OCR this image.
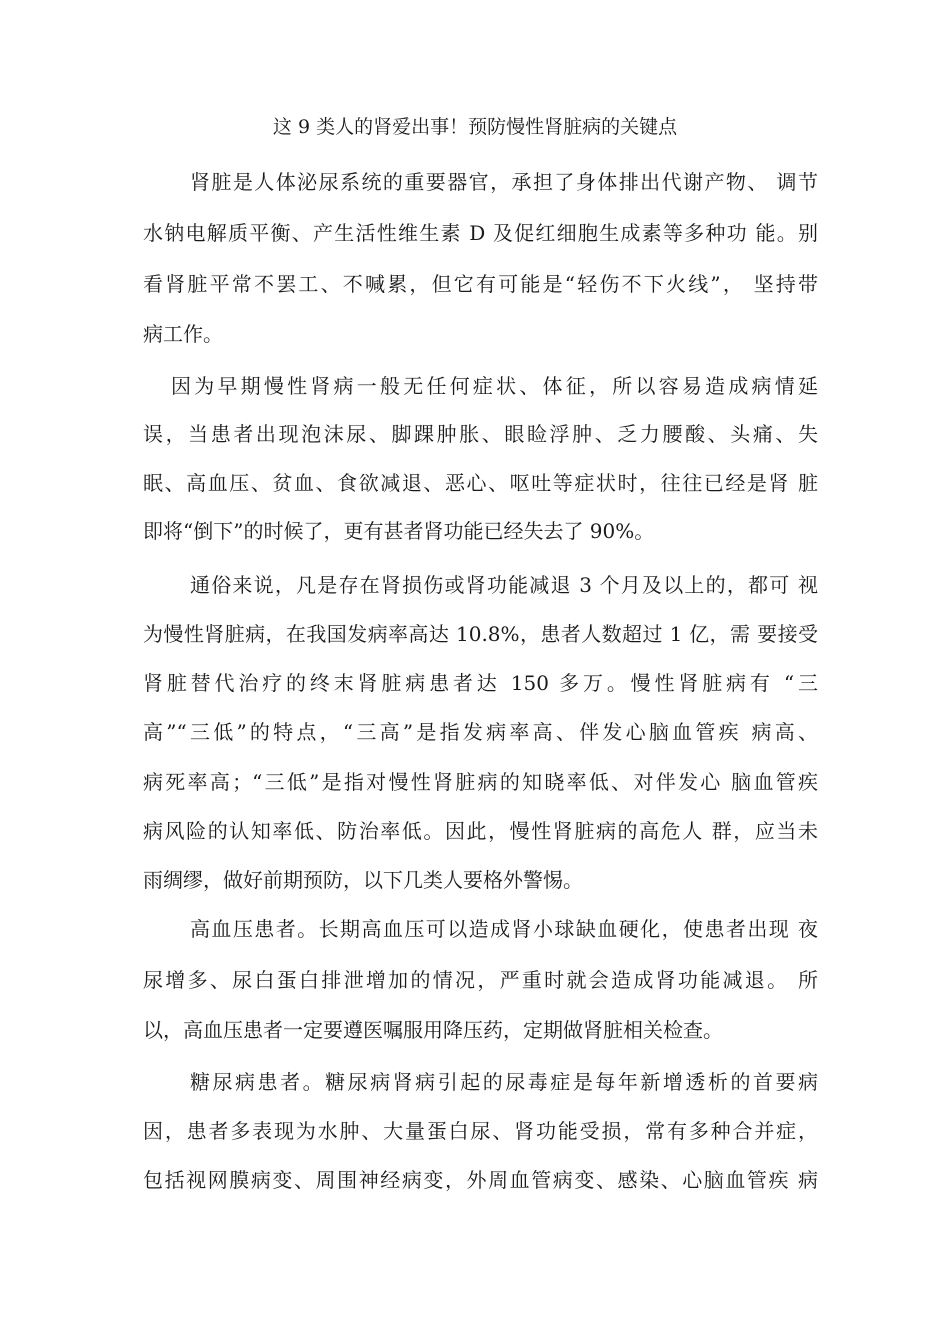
这 9 类人的肾爱出事！预防慢性肾脏病的关键点
肾脏是人体泌尿系统的重要器官，承担了身体排出代谢产物、 调节
水钠电解质平衡、产生活性维生素 D 及促红细胞生成素等多种功 能。别
看肾脏平常不罢工、不喊累，但它有可能是“轻伤不下火线”， 坚持带
病工作。
因为早期慢性肾病一般无任何症状、体征，所以容易造成病情延
误，当患者出现泡沫尿、脚踝肿胀、眼睑浮肿、乏力腰酸、头痛、失
眠、高血压、贫血、食欲减退、恶心、呕吐等症状时，往往已经是肾 脏
即将“倒下”的时候了，更有甚者肾功能已经失去了 90%。
通俗来说，凡是存在肾损伤或肾功能减退 3 个月及以上的，都可 视
为慢性肾脏病，在我国发病率高达 10.8%，患者人数超过 1 亿，需 要接受
肾脏替代治疗的终末肾脏病患者达 150 多万。慢性肾脏病有 “三
高”“三低”的特点，“三高”是指发病率高、伴发心脑血管疾 病高、
病死率高；“三低”是指对慢性肾脏病的知晓率低、对伴发心 脑血管疾
病风险的认知率低、防治率低。因此，慢性肾脏病的高危人 群，应当未
雨绸缪，做好前期预防，以下几类人要格外警惕。
高血压患者。长期高血压可以造成肾小球缺血硬化，使患者出现 夜
尿增多、尿白蛋白排泄增加的情况，严重时就会造成肾功能减退。 所
以，高血压患者一定要遵医嘱服用降压药，定期做肾脏相关检查。
糖尿病患者。糖尿病肾病引起的尿毒症是每年新增透析的首要病
因，患者多表现为水肿、大量蛋白尿、肾功能受损，常有多种合并症，
包括视网膜病变、周围神经病变，外周血管病变、感染、心脑血管疾 病
